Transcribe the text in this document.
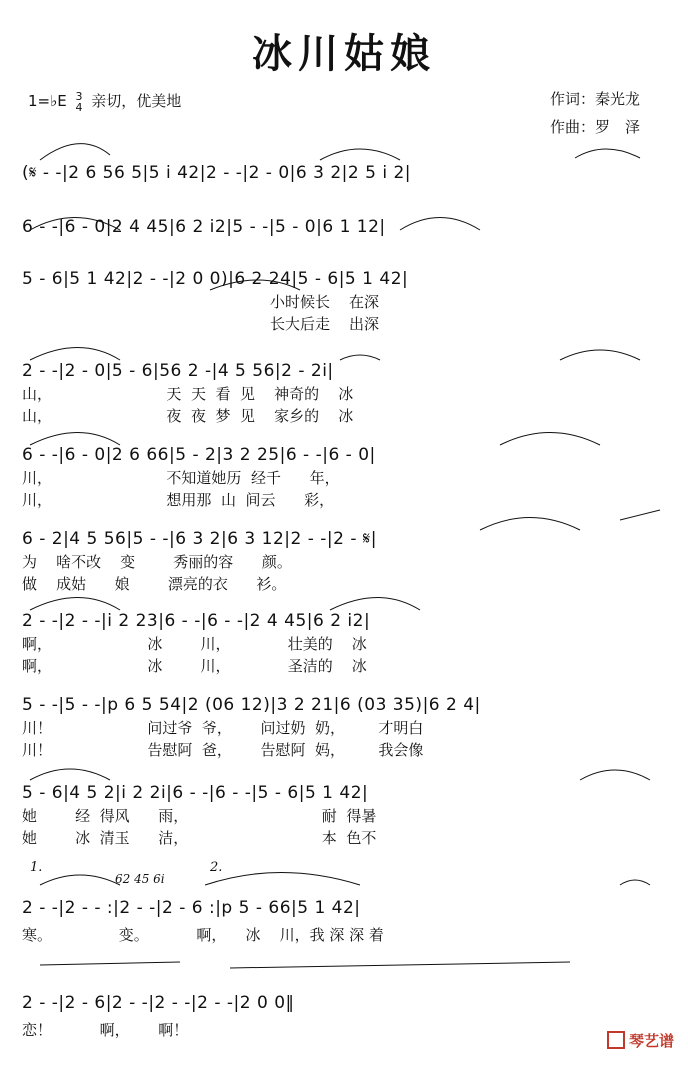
冰川姑娘
1=♭E 3
4 亲切，优美地	作词：秦光龙
作曲：罗　泽
(𝄋 - -|2 6 56 5|5 i 42|2 - -|2 - 0|6 3 2|2 5 i 2|
6 - -|6 - 0|2 4 45|6 2 i2|5 - -|5 - 0|6 1 12|
5 - 6|5 1 42|2 - -|2 0 0)|6 2 24|5 - 6|5 1 42|
小时候长    在深
长大后走    出深
2 - -|2 - 0|5 - 6|56 2 -|4 5 56|2 - 2i|
山，                        天  天  看  见    神奇的    冰
山，                        夜  夜  梦  见    家乡的    冰
6 - -|6 - 0|2 6 66|5 - 2|3 2 25|6 - -|6 - 0|
川，                        不知道她历  经千      年，
川，                        想用那  山  间云      彩，
6 - 2|4 5 56|5 - -|6 3 2|6 3 12|2 - -|2 - 𝄋|
为    啥不改    变        秀丽的容      颜。
做    成姑      娘        漂亮的衣      衫。
2 - -|2 - -|i 2 23|6 - -|6 - -|2 4 45|6 2 i2|
啊，                    冰        川，            壮美的    冰
啊，                    冰        川，            圣洁的    冰
5 - -|5 - -|p 6 5 54|2 (06 12)|3 2 21|6 (03 35)|6 2 4|
川！                    问过爷  爷，      问过奶  奶，       才明白
川！                    告慰阿  爸，      告慰阿  妈，       我会像
5 - 6|4 5 2|i 2 2i|6 - -|6 - -|5 - 6|5 1 42|
她        经  得风      雨，                            耐  得暑
她        冰  清玉      洁，                            本  色不
1.	2.
62 45 6i
2 - -|2 - - :|2 - -|2 - 6 :|p 5 - 66|5 1 42|
寒。              变。          啊，    冰    川，我 深 深 着
2 - -|2 - 6|2 - -|2 - -|2 - -|2 0 0‖
恋！          啊，      啊！
琴艺谱
